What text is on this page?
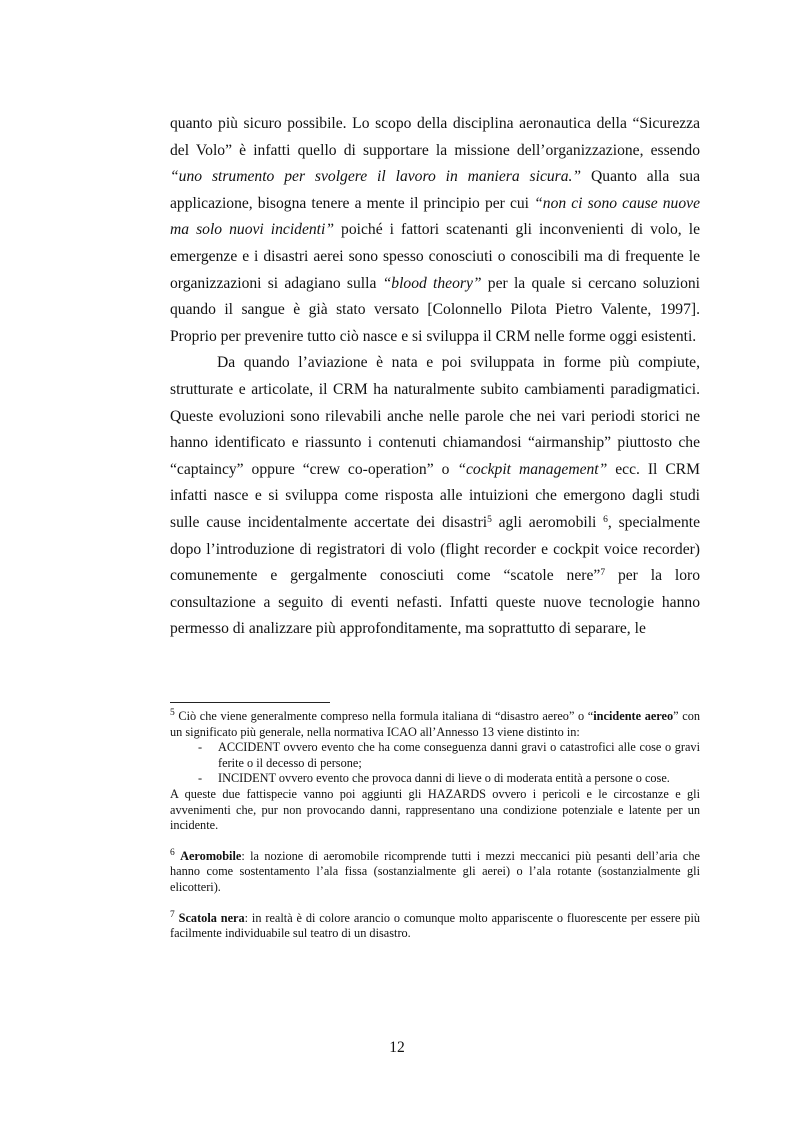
quanto più sicuro possibile. Lo scopo della disciplina aeronautica della “Sicurezza del Volo” è infatti quello di supportare la missione dell’organizzazione, essendo “uno strumento per svolgere il lavoro in maniera sicura.” Quanto alla sua applicazione, bisogna tenere a mente il principio per cui “non ci sono cause nuove ma solo nuovi incidenti” poiché i fattori scatenanti gli inconvenienti di volo, le emergenze e i disastri aerei sono spesso conosciuti o conoscibili ma di frequente le organizzazioni si adagiano sulla “blood theory” per la quale si cercano soluzioni quando il sangue è già stato versato [Colonnello Pilota Pietro Valente, 1997]. Proprio per prevenire tutto ciò nasce e si sviluppa il CRM nelle forme oggi esistenti.

Da quando l’aviazione è nata e poi sviluppata in forme più compiute, strutturate e articolate, il CRM ha naturalmente subito cambiamenti paradigmatici. Queste evoluzioni sono rilevabili anche nelle parole che nei vari periodi storici ne hanno identificato e riassunto i contenuti chiamandosi “airmanship” piuttosto che “captaincy” oppure “crew co-operation” o “cockpit management” ecc. Il CRM infatti nasce e si sviluppa come risposta alle intuizioni che emergono dagli studi sulle cause incidentalmente accertate dei disastri$^5$ agli aeromobili $^6$, specialmente dopo l’introduzione di registratori di volo (flight recorder e cockpit voice recorder) comunemente e gergalmente conosciuti come “scatole nere”$^7$ per la loro consultazione a seguito di eventi nefasti. Infatti queste nuove tecnologie hanno permesso di analizzare più approfonditamente, ma soprattutto di separare, le

$^5$ Ciò che viene generalmente compreso nella formula italiana di “disastro aereo” o “incidente aereo” con un significato più generale, nella normativa ICAO all’Annesso 13 viene distinto in:

- ACCIDENT ovvero evento che ha come conseguenza danni gravi o catastrofici alle cose o gravi ferite o il decesso di persone;
- INCIDENT ovvero evento che provoca danni di lieve o di moderata entità a persone o cose.

A queste due fattispecie vanno poi aggiunti gli HAZARDS ovvero i pericoli e le circostanze e gli avvenimenti che, pur non provocando danni, rappresentano una condizione potenziale e latente per un incidente.

$^6$ Aeromobile: la nozione di aeromobile ricomprende tutti i mezzi meccanici più pesanti dell’aria che hanno come sostentamento l’ala fissa (sostanzialmente gli aerei) o l’ala rotante (sostanzialmente gli elicotteri).

$^7$ Scatola nera: in realtà è di colore arancio o comunque molto appariscente o fluorescente per essere più facilmente individuabile sul teatro di un disastro.

12
